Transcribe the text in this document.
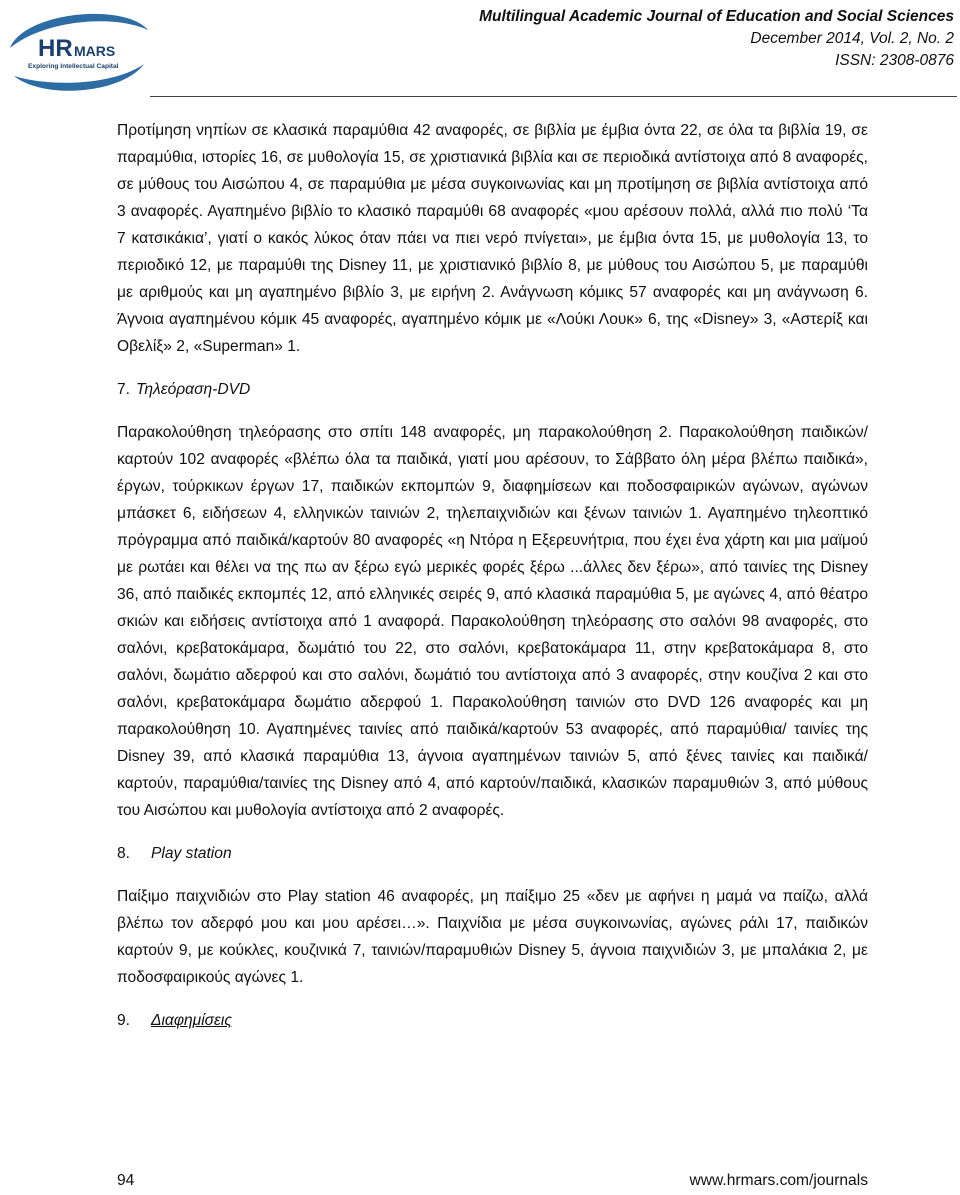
HR MARS
Exploring Intellectual Capital
Multilingual Academic Journal of Education and Social Sciences
December 2014, Vol. 2, No. 2
ISSN: 2308-0876

Προτίμηση νηπίων σε κλασικά παραμύθια 42 αναφορές, σε βιβλία με έμβια όντα 22, σε όλα τα βιβλία 19, σε παραμύθια, ιστορίες 16, σε μυθολογία 15, σε χριστιανικά βιβλία και σε περιοδικά αντίστοιχα από 8 αναφορές, σε μύθους του Αισώπου 4, σε παραμύθια με μέσα συγκοινωνίας και μη προτίμηση σε βιβλία αντίστοιχα από 3 αναφορές. Αγαπημένο βιβλίο το κλασικό παραμύθι 68 αναφορές «μου αρέσουν πολλά, αλλά πιο πολύ ‘Τα 7 κατσικάκια’, γιατί ο κακός λύκος όταν πάει να πιει νερό πνίγεται», με έμβια όντα 15, με μυθολογία 13, το περιοδικό 12, με παραμύθι της Disney 11, με χριστιανικό βιβλίο 8, με μύθους του Αισώπου 5, με παραμύθι με αριθμούς και μη αγαπημένο βιβλίο 3, με ειρήνη 2. Ανάγνωση κόμικς 57 αναφορές και μη ανάγνωση 6. Άγνοια αγαπημένου κόμικ 45 αναφορές, αγαπημένο κόμικ με «Λούκι Λουκ» 6, της «Disney» 3, «Αστερίξ και Οβελίξ» 2, «Superman» 1.

7. Τηλεόραση-DVD

Παρακολούθηση τηλεόρασης στο σπίτι 148 αναφορές, μη παρακολούθηση 2. Παρακολούθηση παιδικών/ καρτούν 102 αναφορές «βλέπω όλα τα παιδικά, γιατί μου αρέσουν, το Σάββατο όλη μέρα βλέπω παιδικά», έργων, τούρκικων έργων 17, παιδικών εκπομπών 9, διαφημίσεων και ποδοσφαιρικών αγώνων, αγώνων μπάσκετ 6, ειδήσεων 4, ελληνικών ταινιών 2, τηλεπαιχνιδιών και ξένων ταινιών 1. Αγαπημένο τηλεοπτικό πρόγραμμα από παιδικά/καρτούν 80 αναφορές «η Ντόρα η Εξερευνήτρια, που έχει ένα χάρτη και μια μαϊμού με ρωτάει και θέλει να της πω αν ξέρω εγώ μερικές φορές ξέρω ...άλλες δεν ξέρω», από ταινίες της Disney 36, από παιδικές εκπομπές 12, από ελληνικές σειρές 9, από κλασικά παραμύθια 5, με αγώνες 4, από θέατρο σκιών και ειδήσεις αντίστοιχα από 1 αναφορά. Παρακολούθηση τηλεόρασης στο σαλόνι 98 αναφορές, στο σαλόνι, κρεβατοκάμαρα, δωμάτιό του 22, στο σαλόνι, κρεβατοκάμαρα 11, στην κρεβατοκάμαρα 8, στο σαλόνι, δωμάτιο αδερφού και στο σαλόνι, δωμάτιό του αντίστοιχα από 3 αναφορές, στην κουζίνα 2 και στο σαλόνι, κρεβατοκάμαρα δωμάτιο αδερφού 1. Παρακολούθηση ταινιών στο DVD 126 αναφορές και μη παρακολούθηση 10. Αγαπημένες ταινίες από παιδικά/καρτούν 53 αναφορές, από παραμύθια/ ταινίες της Disney 39, από κλασικά παραμύθια 13, άγνοια αγαπημένων ταινιών 5, από ξένες ταινίες και παιδικά/καρτούν, παραμύθια/ταινίες της Disney από 4, από καρτούν/παιδικά, κλασικών παραμυθιών 3, από μύθους του Αισώπου και μυθολογία αντίστοιχα από 2 αναφορές.

8. Play station

Παίξιμο παιχνιδιών στο Play station 46 αναφορές, μη παίξιμο 25 «δεν με αφήνει η μαμά να παίζω, αλλά βλέπω τον αδερφό μου και μου αρέσει…». Παιχνίδια με μέσα συγκοινωνίας, αγώνες ράλι 17, παιδικών καρτούν 9, με κούκλες, κουζινικά 7, ταινιών/παραμυθιών Disney 5, άγνοια παιχνιδιών 3, με μπαλάκια 2, με ποδοσφαιρικούς αγώνες 1.

9. Διαφημίσεις

94	www.hrmars.com/journals
